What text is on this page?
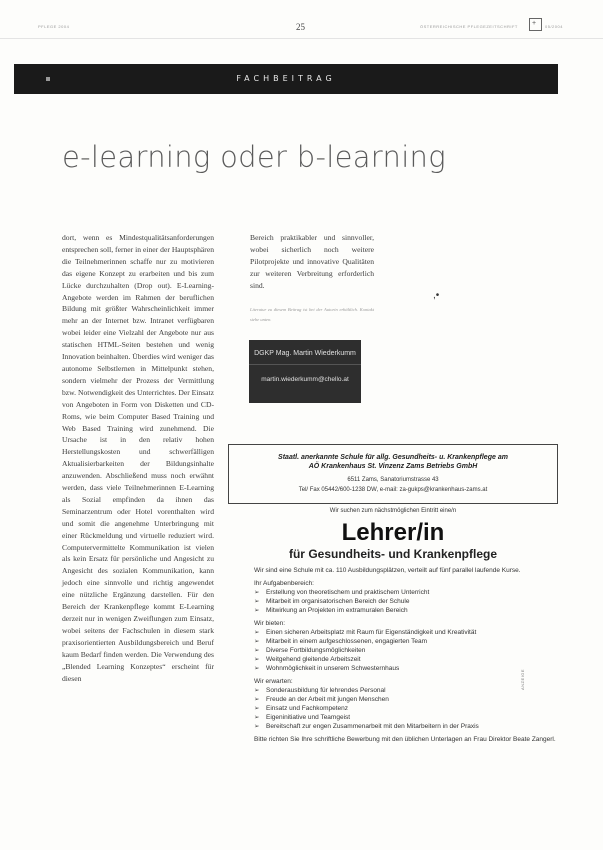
PFLEGE 2004	25	ÖSTERREICHISCHE PFLEGEZEITSCHRIFT + 05/2004
FACHBEITRAG
e-learning oder b-learning

dort, wenn es Mindestqualitätsanforderungen entsprechen soll, ferner in einer der Hauptsphären die Teilnehmerinnen schaffe nur zu motivieren das eigene Konzept zu erarbeiten und bis zum Lücke durchzuhalten (Drop out). E-Learning-Angebote werden im Rahmen der beruflichen Bildung mit größter Wahrscheinlichkeit immer mehr an der Internet bzw. Intranet verfügbaren wobei leider eine Vielzahl der Angebote nur aus statischen HTML-Seiten bestehen und wenig Innovation beinhalten. Überdies wird weniger das autonome Selbstlernen in Mittelpunkt stehen, sondern vielmehr der Prozess der Vermittlung bzw. Notwendigkeit des Unterrichtes. Der Einsatz von Angeboten in Form von Disketten und CD-Roms, wie beim Computer Based Training und Web Based Training wird zunehmend. Die Ursache ist in den relativ hohen Herstellungskosten und schwerfälligen Aktualisierbarkeiten der Bildungsinhalte anzuwenden. Abschließend muss noch erwähnt werden, dass viele Teilnehmerinnen E-Learning als Sozial empfinden da ihnen das Seminarzentrum oder Hotel vorenthalten wird und somit die angenehme Unterbringung mit einer Rückmeldung und virtuelle reduziert wird. Computervermittelte Kommunikation ist vielen als kein Ersatz für persönliche und Angesicht zu Angesicht des sozialen Kommunikation, kann jedoch eine sinnvolle und richtig angewendet eine nützliche Ergänzung darstellen. Für den Bereich der Krankenpflege kommt E-Learning derzeit nur in wenigen Zweiflungen zum Einsatz, wobei seitens der Fachschulen in diesem stark praxisorientierten Ausbildungsbereich und Beruf kaum Bedarf finden werden. Die Verwendung des „Blended Learning Konzeptes“ erscheint für diesen

Bereich praktikabler und sinnvoller, wobei sicherlich noch weitere Pilotprojekte und innovative Qualitäten zur weiteren Verbreitung erforderlich sind.

Literatur zu diesem Beitrag ist bei der Autorin erhältlich. Kontakt siehe unten.

,•
DGKP Mag. Martin Wiederkumm
martin.wiederkumm@chello.at
Staatl. anerkannte Schule für allg. Gesundheits- u. Krankenpflege am
AÖ Krankenhaus St. Vinzenz Zams Betriebs GmbH
6511 Zams, Sanatoriumstrasse 43
Tel/ Fax 05442/600-1238 DW, e-mail: za-gukps@krankenhaus-zams.at
Wir suchen zum nächstmöglichen Eintritt eine/n
Lehrer/in
für Gesundheits- und Krankenpflege

Wir sind eine Schule mit ca. 110 Ausbildungsplätzen, verteilt auf fünf parallel laufende Kurse.

Ihr Aufgabenbereich:
➢ Erstellung von theoretischem und praktischem Unterricht
➢ Mitarbeit im organisatorischen Bereich der Schule
➢ Mitwirkung an Projekten im extramuralen Bereich
Wir bieten:
➢ Einen sicheren Arbeitsplatz mit Raum für Eigenständigkeit und Kreativität
➢ Mitarbeit in einem aufgeschlossenen, engagierten Team
➢ Diverse Fortbildungsmöglichkeiten
➢ Weitgehend gleitende Arbeitszeit
➢ Wohnmöglichkeit in unserem Schwesternhaus
Wir erwarten:
➢ Sonderausbildung für lehrendes Personal
➢ Freude an der Arbeit mit jungen Menschen
➢ Einsatz und Fachkompetenz
➢ Eigeninitiative und Teamgeist
➢ Bereitschaft zur engen Zusammenarbeit mit den Mitarbeitern in der Praxis

Bitte richten Sie Ihre schriftliche Bewerbung mit den üblichen Unterlagen an Frau Direktor Beate Zangerl.

ANZEIGE
